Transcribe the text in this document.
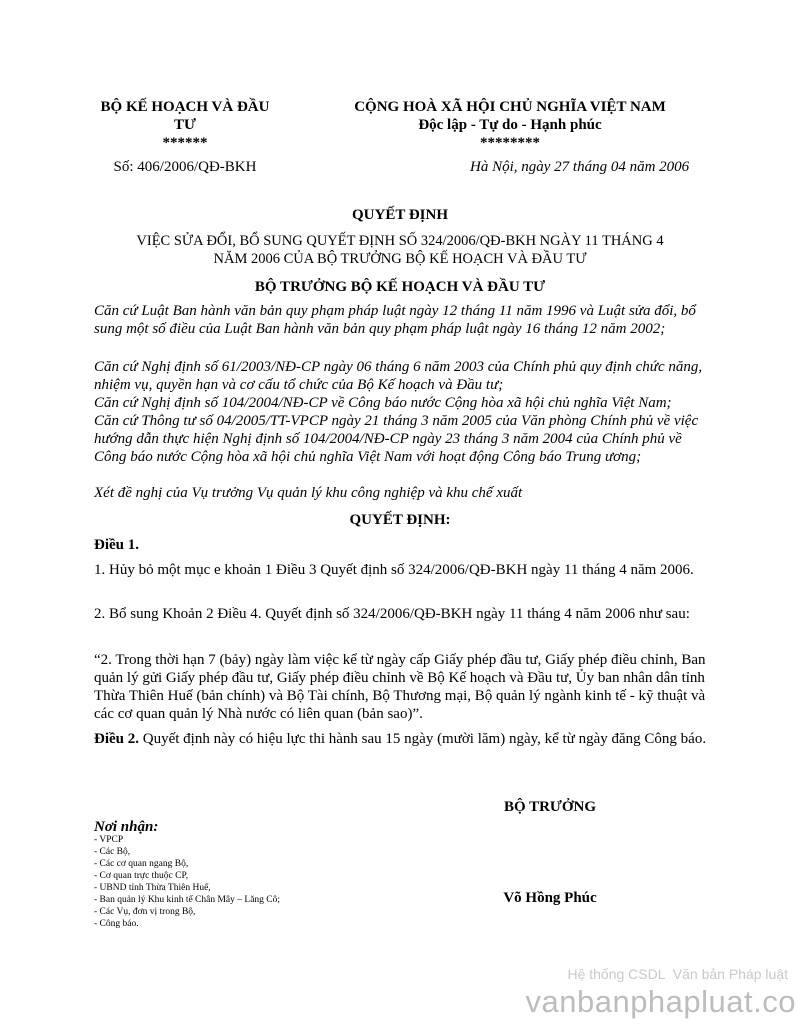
BỘ KẾ HOẠCH VÀ ĐẦU
TƯ
******
Số: 406/2006/QĐ-BKH
CỘNG HOÀ XÃ HỘI CHỦ NGHĨA VIỆT NAM
Độc lập - Tự do - Hạnh phúc
********
Hà Nội, ngày 27 tháng 04 năm 2006
QUYẾT ĐỊNH
VIỆC SỬA ĐỔI, BỔ SUNG QUYẾT ĐỊNH SỐ 324/2006/QĐ-BKH NGÀY 11 THÁNG 4
NĂM 2006 CỦA BỘ TRƯỞNG BỘ KẾ HOẠCH VÀ ĐẦU TƯ
BỘ TRƯỞNG BỘ KẾ HOẠCH VÀ ĐẦU TƯ
Căn cứ Luật Ban hành văn bản quy phạm pháp luật ngày 12 tháng 11 năm 1996 và Luật sửa đổi, bổ sung một số điều của Luật Ban hành văn bản quy phạm pháp luật ngày 16 tháng 12 năm 2002;
Căn cứ Nghị định số 61/2003/NĐ-CP ngày 06 tháng 6 năm 2003 của Chính phủ quy định chức năng, nhiệm vụ, quyền hạn và cơ cấu tổ chức của Bộ Kế hoạch và Đầu tư;
Căn cứ Nghị định số 104/2004/NĐ-CP về Công báo nước Cộng hòa xã hội chủ nghĩa Việt Nam;
Căn cứ Thông tư số 04/2005/TT-VPCP ngày 21 tháng 3 năm 2005 của Văn phòng Chính phủ về việc hướng dẫn thực hiện Nghị định số 104/2004/NĐ-CP ngày 23 tháng 3 năm 2004 của Chính phủ về Công báo nước Cộng hòa xã hội chủ nghĩa Việt Nam với hoạt động Công báo Trung ương;
Xét đề nghị của Vụ trưởng Vụ quản lý khu công nghiệp và khu chế xuất
QUYẾT ĐỊNH:
Điều 1.
1. Hủy bỏ một mục e khoản 1 Điều 3 Quyết định số 324/2006/QĐ-BKH ngày 11 tháng 4 năm 2006.
2. Bổ sung Khoản 2 Điều 4. Quyết định số 324/2006/QĐ-BKH ngày 11 tháng 4 năm 2006 như sau:
“2. Trong thời hạn 7 (bảy) ngày làm việc kể từ ngày cấp Giấy phép đầu tư, Giấy phép điều chỉnh, Ban quản lý gửi Giấy phép đầu tư, Giấy phép điều chỉnh về Bộ Kế hoạch và Đầu tư, Ủy ban nhân dân tỉnh Thừa Thiên Huế (bản chính) và Bộ Tài chính, Bộ Thương mại, Bộ quản lý ngành kinh tế - kỹ thuật và các cơ quan quản lý Nhà nước có liên quan (bản sao)”.
Điều 2. Quyết định này có hiệu lực thi hành sau 15 ngày (mười lăm) ngày, kể từ ngày đăng Công báo.
BỘ TRƯỞNG
Võ Hồng Phúc
Nơi nhận:
- VPCP
- Các Bộ,
- Các cơ quan ngang Bộ,
- Cơ quan trực thuộc CP,
- UBND tỉnh Thừa Thiên Huế,
- Ban quản lý Khu kinh tế Chân Mây – Lăng Cô;
- Các Vụ, đơn vị trong Bộ,
- Công báo.
Hệ thống CSDL  Văn bản Pháp luật
vanbanphapluat.co
